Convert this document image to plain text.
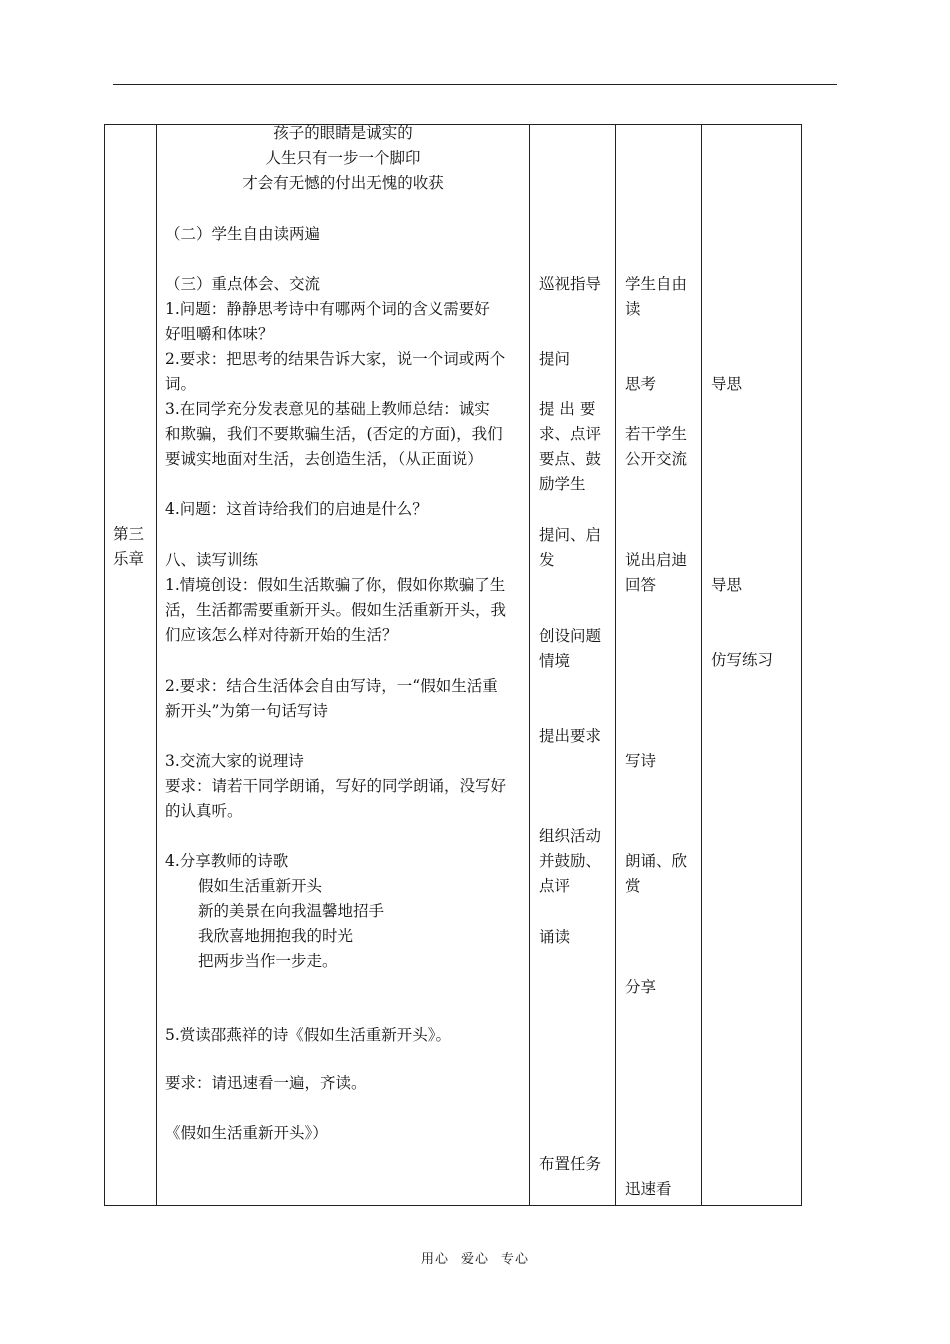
第三
乐章
孩子的眼睛是诚实的
人生只有一步一个脚印
才会有无憾的付出无愧的收获
（二）学生自由读两遍
（三）重点体会、交流
1.问题：静静思考诗中有哪两个词的含义需要好
好咀嚼和体味？
2.要求：把思考的结果告诉大家，说一个词或两个
词。
3.在同学充分发表意见的基础上教师总结：诚实
和欺骗，我们不要欺骗生活，(否定的方面)，我们
要诚实地面对生活，去创造生活，（从正面说）
4.问题：这首诗给我们的启迪是什么？
八、读写训练
1.情境创设：假如生活欺骗了你，假如你欺骗了生
活，生活都需要重新开头。假如生活重新开头，我
们应该怎么样对待新开始的生活？
2.要求：结合生活体会自由写诗，一“假如生活重
新开头”为第一句话写诗
3.交流大家的说理诗
要求：请若干同学朗诵，写好的同学朗诵，没写好
的认真听。
4.分享教师的诗歌
假如生活重新开头
新的美景在向我温馨地招手
我欣喜地拥抱我的时光
把两步当作一步走。
5.赏读邵燕祥的诗《假如生活重新开头》。
要求：请迅速看一遍，齐读。
《假如生活重新开头》）
巡视指导
提问
提 出 要
求、点评
要点、鼓
励学生
提问、启
发
创设问题
情境
提出要求
组织活动
并鼓励、
点评
诵读
布置任务
学生自由
读
思考
若干学生
公开交流
说出启迪
回答
写诗
朗诵、欣
赏
分享
迅速看
导思
导思
仿写练习
用心 爱心 专心
